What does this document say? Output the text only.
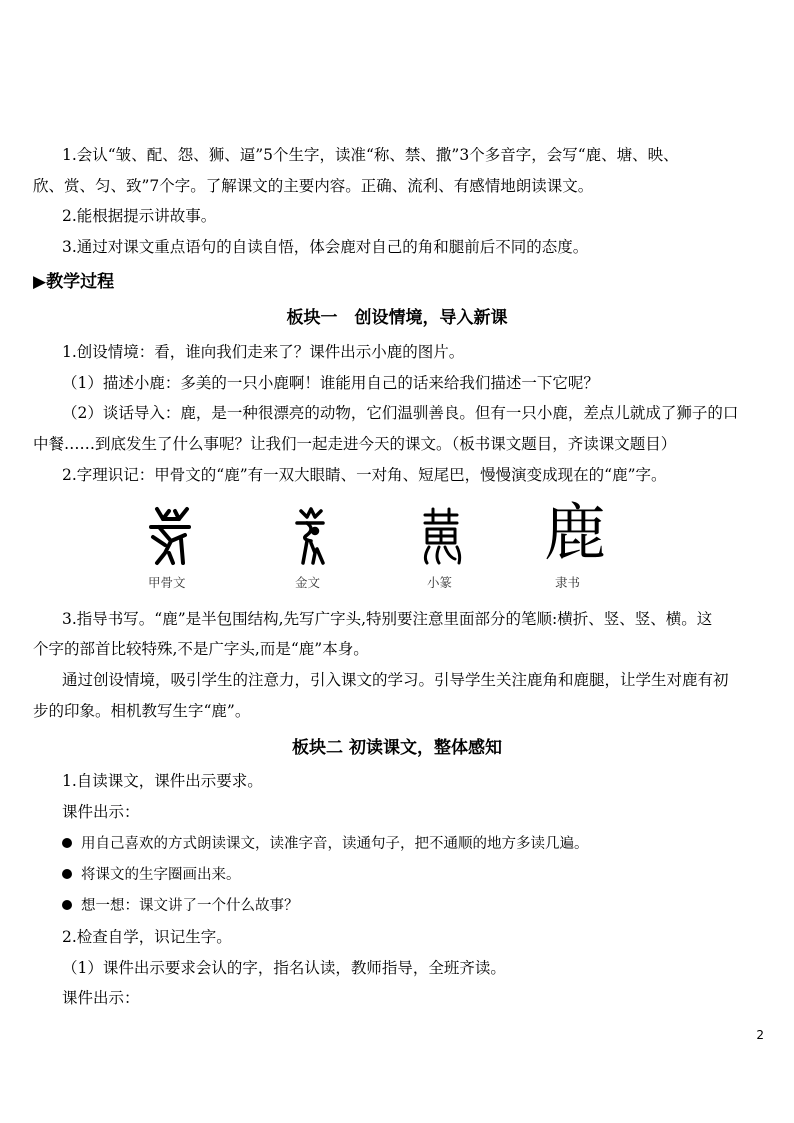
1.会认“皱、配、怨、狮、逼”5个生字，读准“称、禁、撒”3个多音字，会写“鹿、塘、映、
欣、赏、匀、致”7个字。了解课文的主要内容。正确、流利、有感情地朗读课文。
2.能根据提示讲故事。
3.通过对课文重点语句的自读自悟，体会鹿对自己的角和腿前后不同的态度。
▶教学过程
板块一　创设情境，导入新课
1.创设情境：看，谁向我们走来了？课件出示小鹿的图片。
（1）描述小鹿：多美的一只小鹿啊！谁能用自己的话来给我们描述一下它呢？
（2）谈话导入：鹿，是一种很漂亮的动物，它们温驯善良。但有一只小鹿，差点儿就成了狮子的口
中餐……到底发生了什么事呢？让我们一起走进今天的课文。（板书课文题目，齐读课文题目）
2.字理识记：甲骨文的“鹿”有一双大眼睛、一对角、短尾巴，慢慢演变成现在的“鹿”字。
甲骨文	金文	小篆
鹿
隶书
3.指导书写。“鹿”是半包围结构,先写广字头,特别要注意里面部分的笔顺:横折、竖、竖、横。这
个字的部首比较特殊,不是广字头,而是“鹿”本身。
通过创设情境，吸引学生的注意力，引入课文的学习。引导学生关注鹿角和鹿腿，让学生对鹿有初
步的印象。相机教写生字“鹿”。
板块二 初读课文，整体感知
1.自读课文，课件出示要求。
课件出示：
用自己喜欢的方式朗读课文，读准字音，读通句子，把不通顺的地方多读几遍。
将课文的生字圈画出来。
想一想：课文讲了一个什么故事？
2.检查自学，识记生字。
（1）课件出示要求会认的字，指名认读，教师指导，全班齐读。
课件出示：
2
